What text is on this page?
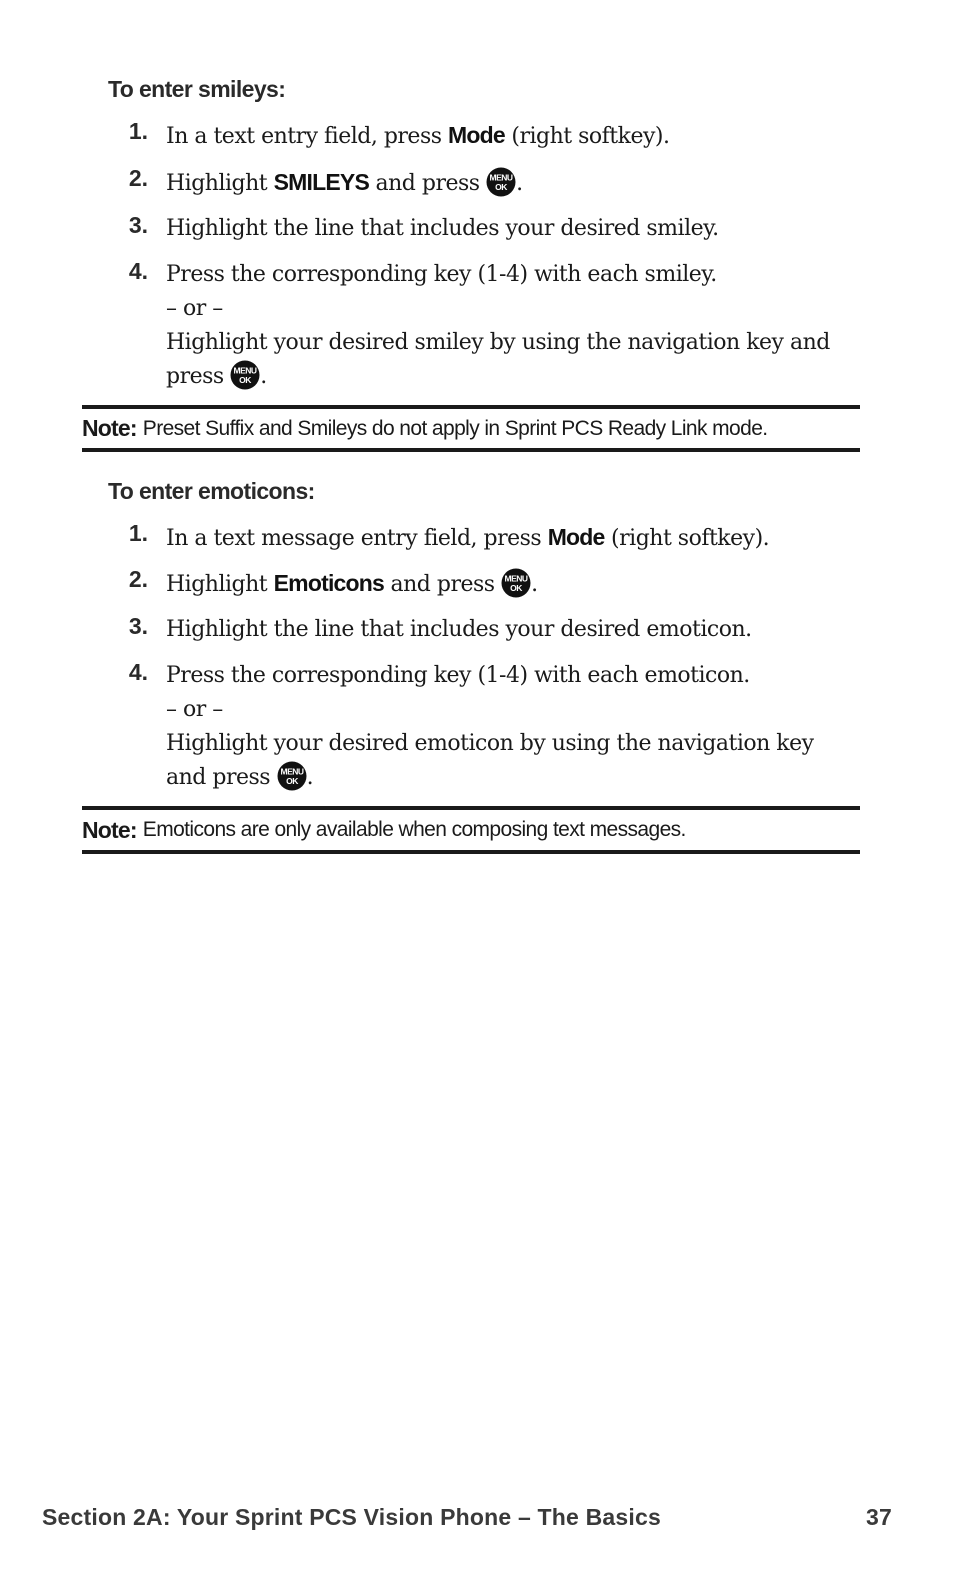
To enter smileys:
1. In a text entry field, press Mode (right softkey).
2. Highlight SMILEYS and press .
3. Highlight the line that includes your desired smiley.
4. Press the corresponding key (1-4) with each smiley.
– or –
Highlight your desired smiley by using the navigation key and
press .
Note: Preset Suffix and Smileys do not apply in Sprint PCS Ready Link mode.
To enter emoticons:
1. In a text message entry field, press Mode (right softkey).
2. Highlight Emoticons and press .
3. Highlight the line that includes your desired emoticon.
4. Press the corresponding key (1-4) with each emoticon.
– or –
Highlight your desired emoticon by using the navigation key
and press .
Note: Emoticons are only available when composing text messages.
Section 2A: Your Sprint PCS Vision Phone – The Basics	37
